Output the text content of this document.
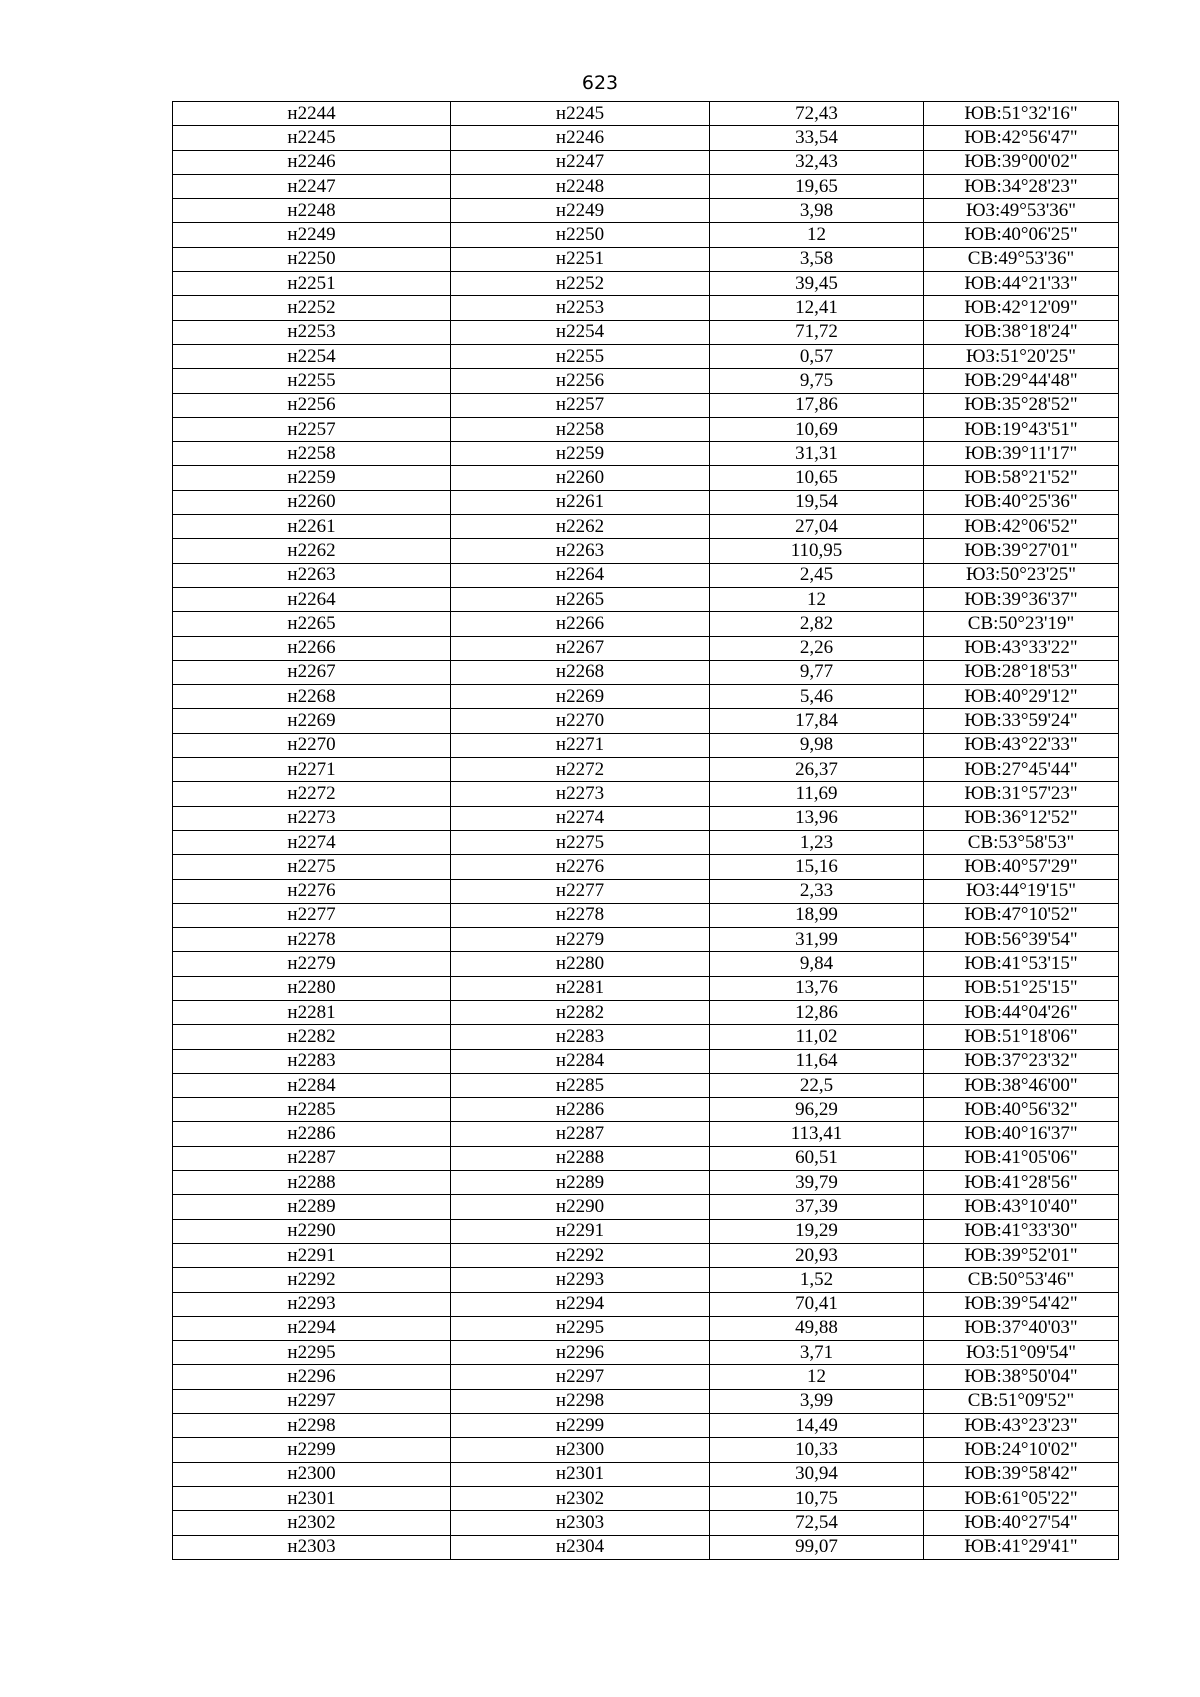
623
н2244	н2245	72,43	ЮВ:51°32'16"
н2245	н2246	33,54	ЮВ:42°56'47"
н2246	н2247	32,43	ЮВ:39°00'02"
н2247	н2248	19,65	ЮВ:34°28'23"
н2248	н2249	3,98	ЮЗ:49°53'36"
н2249	н2250	12	ЮВ:40°06'25"
н2250	н2251	3,58	СВ:49°53'36"
н2251	н2252	39,45	ЮВ:44°21'33"
н2252	н2253	12,41	ЮВ:42°12'09"
н2253	н2254	71,72	ЮВ:38°18'24"
н2254	н2255	0,57	ЮЗ:51°20'25"
н2255	н2256	9,75	ЮВ:29°44'48"
н2256	н2257	17,86	ЮВ:35°28'52"
н2257	н2258	10,69	ЮВ:19°43'51"
н2258	н2259	31,31	ЮВ:39°11'17"
н2259	н2260	10,65	ЮВ:58°21'52"
н2260	н2261	19,54	ЮВ:40°25'36"
н2261	н2262	27,04	ЮВ:42°06'52"
н2262	н2263	110,95	ЮВ:39°27'01"
н2263	н2264	2,45	ЮЗ:50°23'25"
н2264	н2265	12	ЮВ:39°36'37"
н2265	н2266	2,82	СВ:50°23'19"
н2266	н2267	2,26	ЮВ:43°33'22"
н2267	н2268	9,77	ЮВ:28°18'53"
н2268	н2269	5,46	ЮВ:40°29'12"
н2269	н2270	17,84	ЮВ:33°59'24"
н2270	н2271	9,98	ЮВ:43°22'33"
н2271	н2272	26,37	ЮВ:27°45'44"
н2272	н2273	11,69	ЮВ:31°57'23"
н2273	н2274	13,96	ЮВ:36°12'52"
н2274	н2275	1,23	СВ:53°58'53"
н2275	н2276	15,16	ЮВ:40°57'29"
н2276	н2277	2,33	ЮЗ:44°19'15"
н2277	н2278	18,99	ЮВ:47°10'52"
н2278	н2279	31,99	ЮВ:56°39'54"
н2279	н2280	9,84	ЮВ:41°53'15"
н2280	н2281	13,76	ЮВ:51°25'15"
н2281	н2282	12,86	ЮВ:44°04'26"
н2282	н2283	11,02	ЮВ:51°18'06"
н2283	н2284	11,64	ЮВ:37°23'32"
н2284	н2285	22,5	ЮВ:38°46'00"
н2285	н2286	96,29	ЮВ:40°56'32"
н2286	н2287	113,41	ЮВ:40°16'37"
н2287	н2288	60,51	ЮВ:41°05'06"
н2288	н2289	39,79	ЮВ:41°28'56"
н2289	н2290	37,39	ЮВ:43°10'40"
н2290	н2291	19,29	ЮВ:41°33'30"
н2291	н2292	20,93	ЮВ:39°52'01"
н2292	н2293	1,52	СВ:50°53'46"
н2293	н2294	70,41	ЮВ:39°54'42"
н2294	н2295	49,88	ЮВ:37°40'03"
н2295	н2296	3,71	ЮЗ:51°09'54"
н2296	н2297	12	ЮВ:38°50'04"
н2297	н2298	3,99	СВ:51°09'52"
н2298	н2299	14,49	ЮВ:43°23'23"
н2299	н2300	10,33	ЮВ:24°10'02"
н2300	н2301	30,94	ЮВ:39°58'42"
н2301	н2302	10,75	ЮВ:61°05'22"
н2302	н2303	72,54	ЮВ:40°27'54"
н2303	н2304	99,07	ЮВ:41°29'41"
